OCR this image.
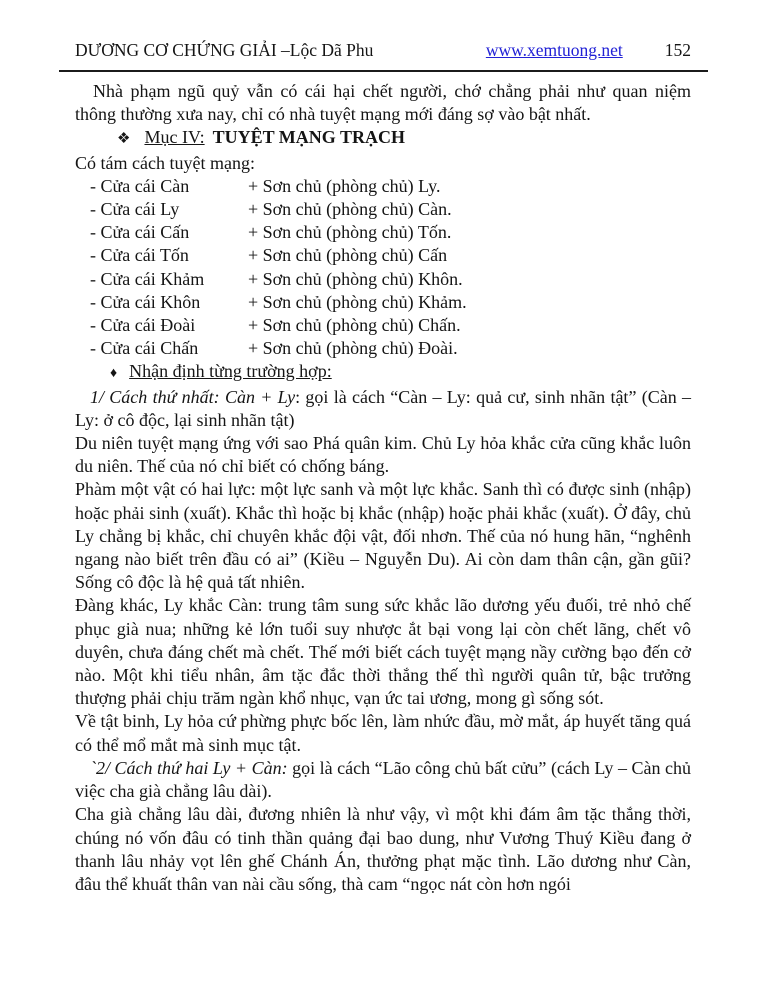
DƯƠNG CƠ CHỨNG GIẢI –Lộc Dã Phu	www.xemtuong.net 152

Nhà phạm ngũ quỷ vẫn có cái hại chết người, chớ chẳng phải như quan niệm thông thường xưa nay, chỉ có nhà tuyệt mạng mới đáng sợ vào bật nhất.

❖ Mục IV: TUYỆT MẠNG TRẠCH

Có tám cách tuyệt mạng:

- Cửa cái Càn	+ Sơn chủ (phòng chủ) Ly.
- Cửa cái Ly	+ Sơn chủ (phòng chủ) Càn.
- Cửa cái Cấn	+ Sơn chủ (phòng chủ) Tốn.
- Cửa cái Tốn	+ Sơn chủ (phòng chủ) Cấn
- Cửa cái Khảm	+ Sơn chủ (phòng chủ) Khôn.
- Cửa cái Khôn	+ Sơn chủ (phòng chủ) Khảm.
- Cửa cái Đoài	+ Sơn chủ (phòng chủ) Chấn.
- Cửa cái Chấn	+ Sơn chủ (phòng chủ) Đoài.

♦ Nhận định từng trường hợp:

1/ Cách thứ nhất: Càn + Ly: gọi là cách “Càn – Ly: quả cư, sinh nhãn tật” (Càn – Ly: ở cô độc, lại sinh nhãn tật)

Du niên tuyệt mạng ứng với sao Phá quân kim. Chủ Ly hỏa khắc cửa cũng khắc luôn du niên. Thế của nó chỉ biết có chống báng.

Phàm một vật có hai lực: một lực sanh và một lực khắc. Sanh thì có được sinh (nhập) hoặc phải sinh (xuất). Khắc thì hoặc bị khắc (nhập) hoặc phải khắc (xuất). Ở đây, chủ Ly chẳng bị khắc, chỉ chuyên khắc đội vật, đối nhơn. Thế của nó hung hãn, “nghênh ngang nào biết trên đầu có ai” (Kiều – Nguyễn Du). Ai còn dam thân cận, gần gũi? Sống cô độc là hệ quả tất nhiên.

Đàng khác, Ly khắc Càn: trung tâm sung sức khắc lão dương yếu đuối, trẻ nhỏ chế phục già nua; những kẻ lớn tuổi suy nhược ắt bại vong lại còn chết lãng, chết vô duyên, chưa đáng chết mà chết. Thế mới biết cách tuyệt mạng nầy cường bạo đến cở nào. Một khi tiểu nhân, âm tặc đắc thời thắng thế thì người quân tử, bậc trưởng thượng phải chịu trăm ngàn khổ nhục, vạn ức tai ương, mong gì sống sót.

Về tật binh, Ly hỏa cứ phừng phực bốc lên, làm nhức đầu, mờ mắt, áp huyết tăng quá có thể mổ mắt mà sinh mục tật.

`2/ Cách thứ hai Ly + Càn: gọi là cách “Lão công chủ bất cửu” (cách Ly – Càn chủ việc cha già chẳng lâu dài).

Cha già chẳng lâu dài, đương nhiên là như vậy, vì một khi đám âm tặc thắng thời, chúng nó vốn đâu có tinh thần quảng đại bao dung, như Vương Thuý Kiều đang ở thanh lâu nhảy vọt lên ghế Chánh Án, thưởng phạt mặc tình. Lão dương như Càn, đâu thể khuất thân van nài cầu sống, thà cam “ngọc nát còn hơn ngói
